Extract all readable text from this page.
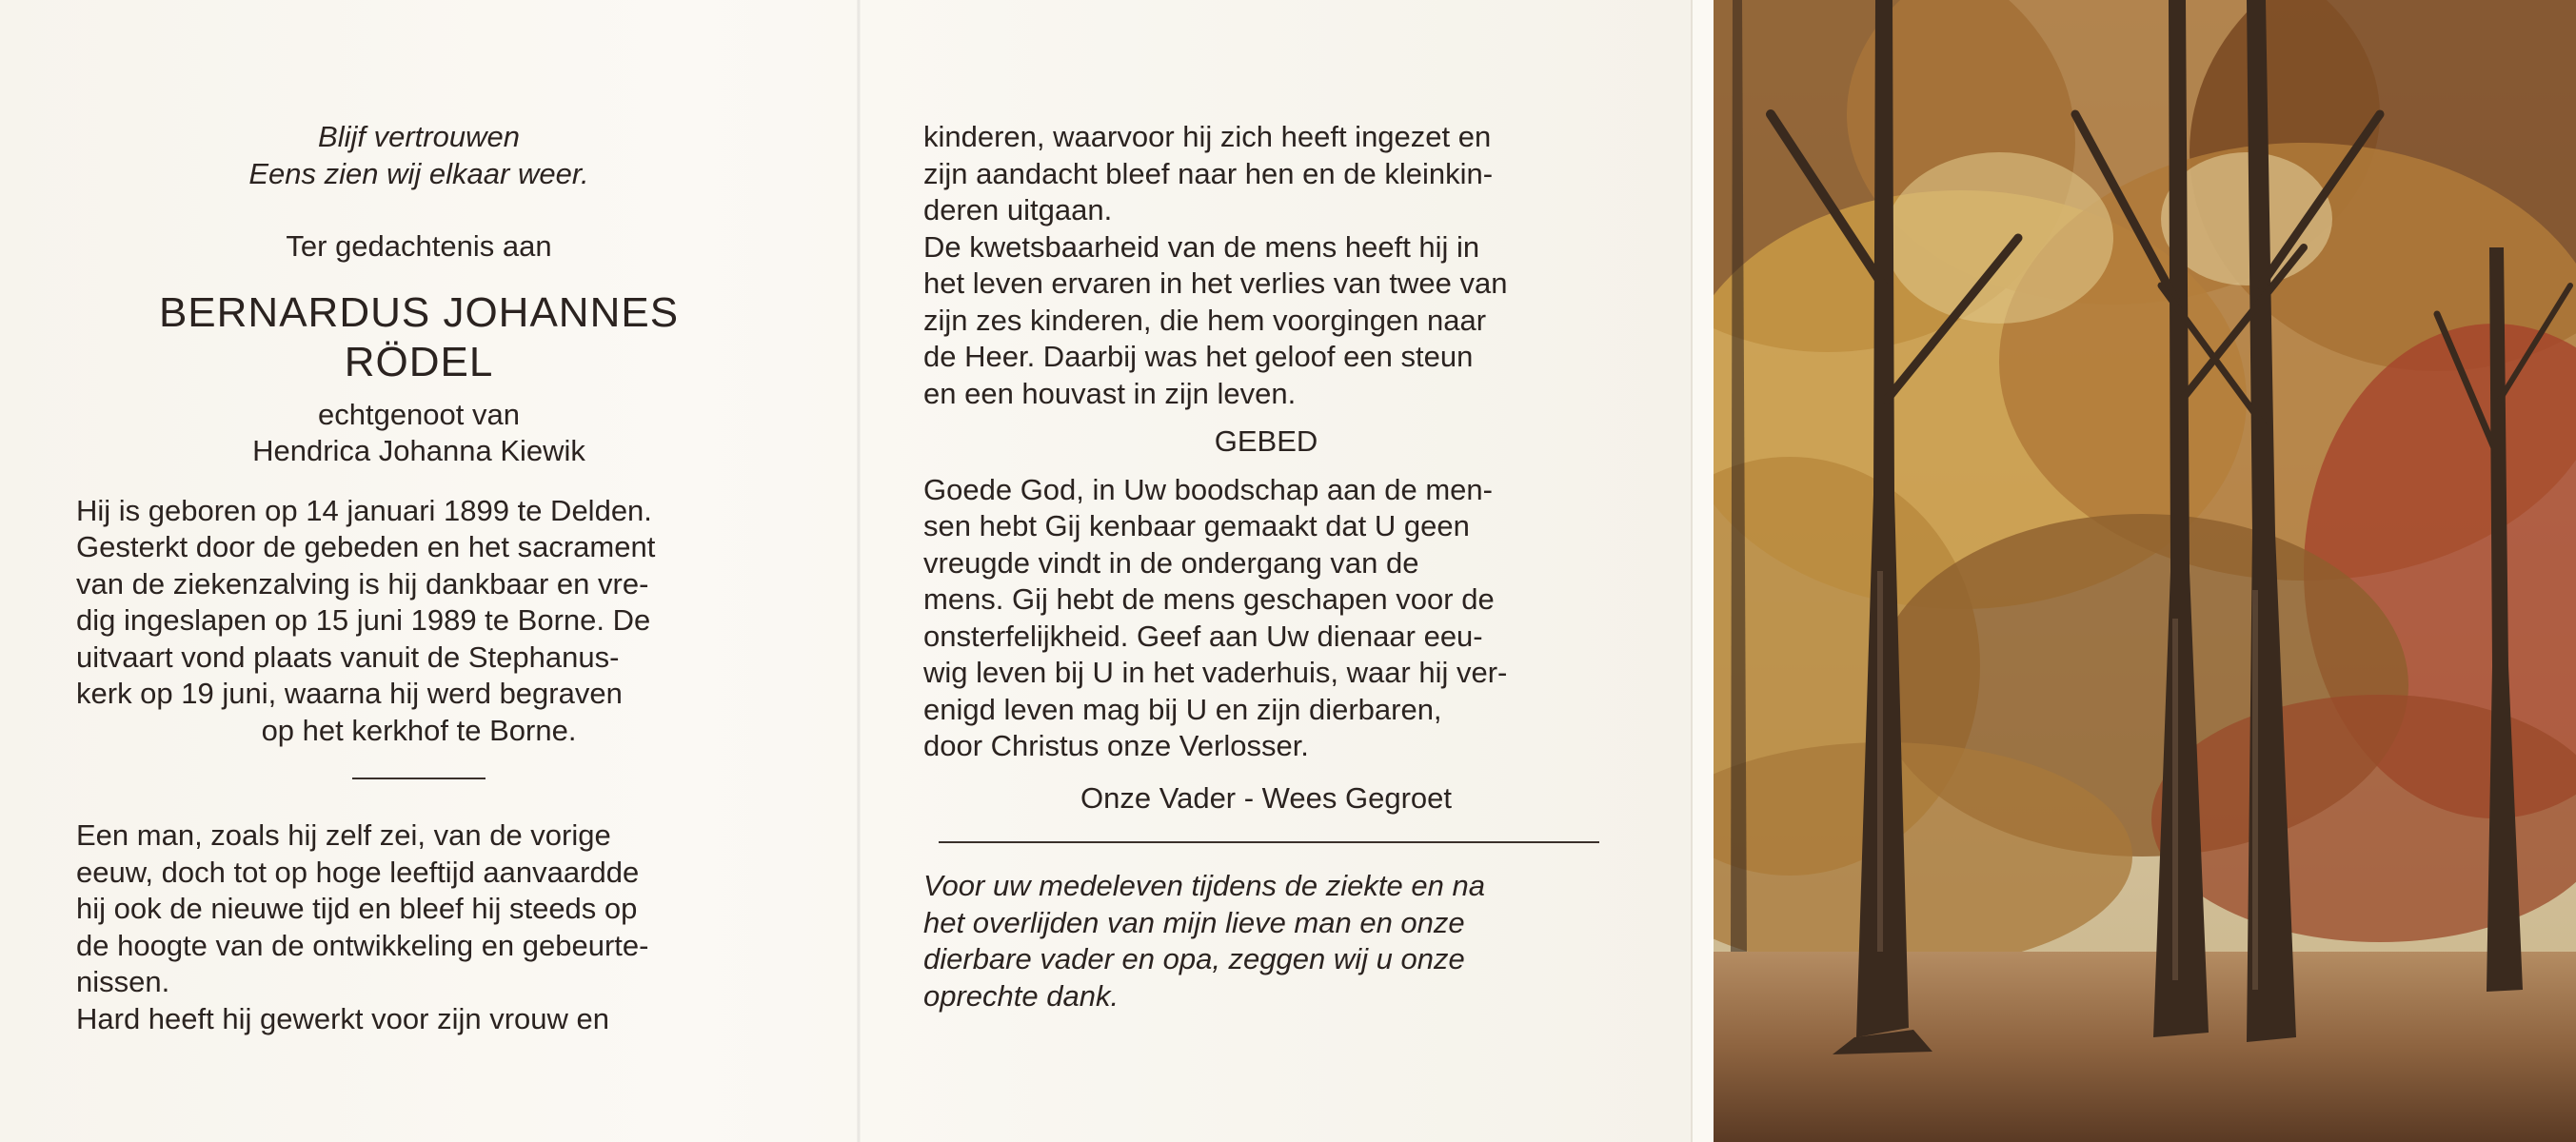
Blijf vertrouwen
Eens zien wij elkaar weer.
Ter gedachtenis aan
BERNARDUS JOHANNES
RÖDEL
echtgenoot van
Hendrica Johanna Kiewik
Hij is geboren op 14 januari 1899 te Delden.
Gesterkt door de gebeden en het sacrament
van de ziekenzalving is hij dankbaar en vre-
dig ingeslapen op 15 juni 1989 te Borne. De
uitvaart vond plaats vanuit de Stephanus-
kerk op 19 juni, waarna hij werd begraven
op het kerkhof te Borne.
Een man, zoals hij zelf zei, van de vorige
eeuw, doch tot op hoge leeftijd aanvaardde
hij ook de nieuwe tijd en bleef hij steeds op
de hoogte van de ontwikkeling en gebeurte-
nissen.
Hard heeft hij gewerkt voor zijn vrouw en
kinderen, waarvoor hij zich heeft ingezet en
zijn aandacht bleef naar hen en de kleinkin-
deren uitgaan.
De kwetsbaarheid van de mens heeft hij in
het leven ervaren in het verlies van twee van
zijn zes kinderen, die hem voorgingen naar
de Heer. Daarbij was het geloof een steun
en een houvast in zijn leven.
GEBED
Goede God, in Uw boodschap aan de men-
sen hebt Gij kenbaar gemaakt dat U geen
vreugde vindt in de ondergang van de
mens. Gij hebt de mens geschapen voor de
onsterfelijkheid. Geef aan Uw dienaar eeu-
wig leven bij U in het vaderhuis, waar hij ver-
enigd leven mag bij U en zijn dierbaren,
door Christus onze Verlosser.
Onze Vader - Wees Gegroet
Voor uw medeleven tijdens de ziekte en na
het overlijden van mijn lieve man en onze
dierbare vader en opa, zeggen wij u onze
oprechte dank.
